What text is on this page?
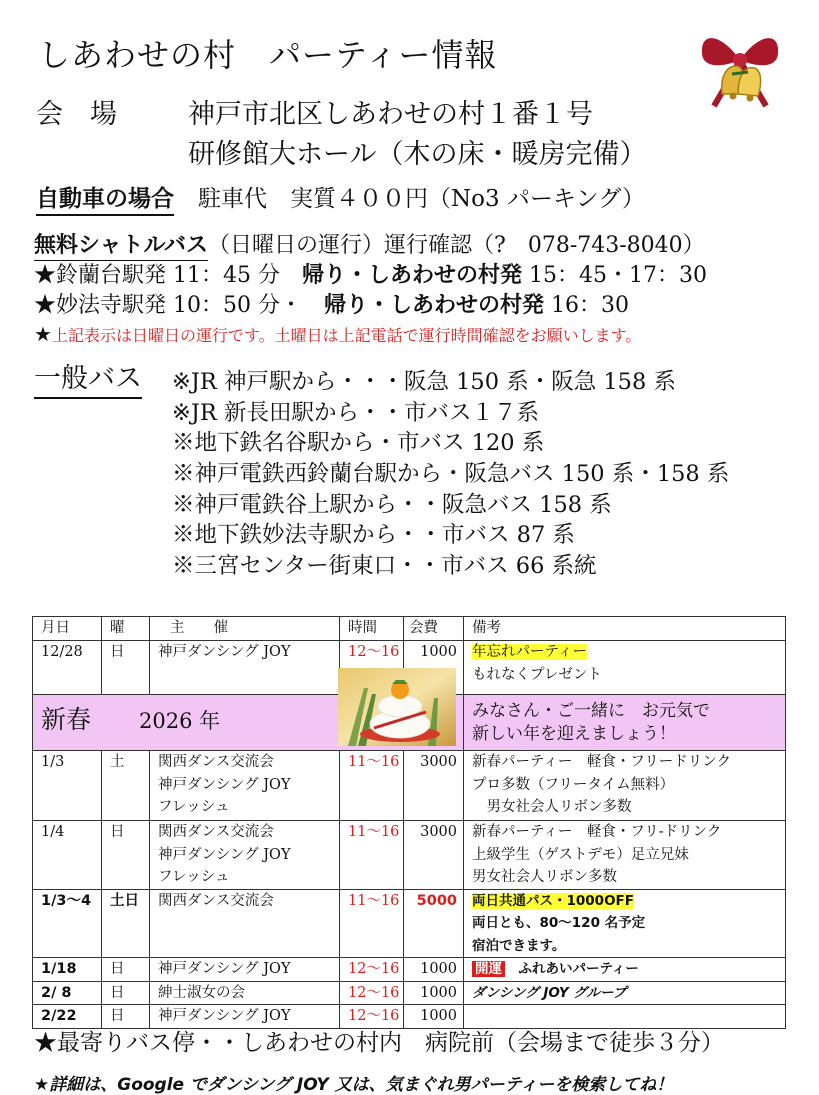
しあわせの村　パーティー情報
会　場	神戸市北区しあわせの村１番１号
研修館大ホール（木の床・暖房完備）
自動車の場合 駐車代　実質４００円（No3 パーキング）
無料シャトルバス（日曜日の運行）運行確認（?　078-743-8040）
★鈴蘭台駅発 11：45 分　帰り・しあわせの村発 15：45・17：30
★妙法寺駅発 10：50 分・　帰り・しあわせの村発 16：30
★上記表示は日曜日の運行です。土曜日は上記電話で運行時間確認をお願いします。
一般バス ※JR 神戸駅から・・・阪急 150 系・阪急 158 系
※JR 新長田駅から・・市バス１７系
※地下鉄名谷駅から・市バス 120 系
※神戸電鉄西鈴蘭台駅から・阪急バス 150 系・158 系
※神戸電鉄谷上駅から・・阪急バス 158 系
※地下鉄妙法寺駅から・・市バス 87 系
※三宮センター街東口・・市バス 66 系統
月日	曜	主　　催	時間	会費	備考
12/28	日	神戸ダンシング JOY	12～16	1000	年忘れパーティー
もれなくプレゼント
新春 2026 年					みなさん・ご一緒に　お元気で
新しい年を迎えましょう！
1/3	土	関西ダンス交流会
神戸ダンシング JOY
フレッシュ	11～16	3000	新春パーティー　軽食・フリードリンク
プロ多数（フリータイム無料）
　男女社会人リボン多数
1/4	日	関西ダンス交流会
神戸ダンシング JOY
フレッシュ	11～16	3000	新春パーティー　軽食・フリ-ドリンク
上級学生（ゲストデモ）足立兄妹
男女社会人リボン多数
1/3～4	土日	関西ダンス交流会	11～16	5000	両日共通パス・1000OFF
両日とも、80～120 名予定
宿泊できます。
1/18	日	神戸ダンシング JOY	12～16	1000	開運　ふれあいパーティー
2/ 8	日	紳士淑女の会	12～16	1000	ダンシング JOY グループ
2/22	日	神戸ダンシング JOY	12～16	1000	
★最寄りバス停・・しあわせの村内　病院前（会場まで徒歩３分）
★詳細は、Google でダンシング JOY 又は、気まぐれ男パーティーを検索してね！
